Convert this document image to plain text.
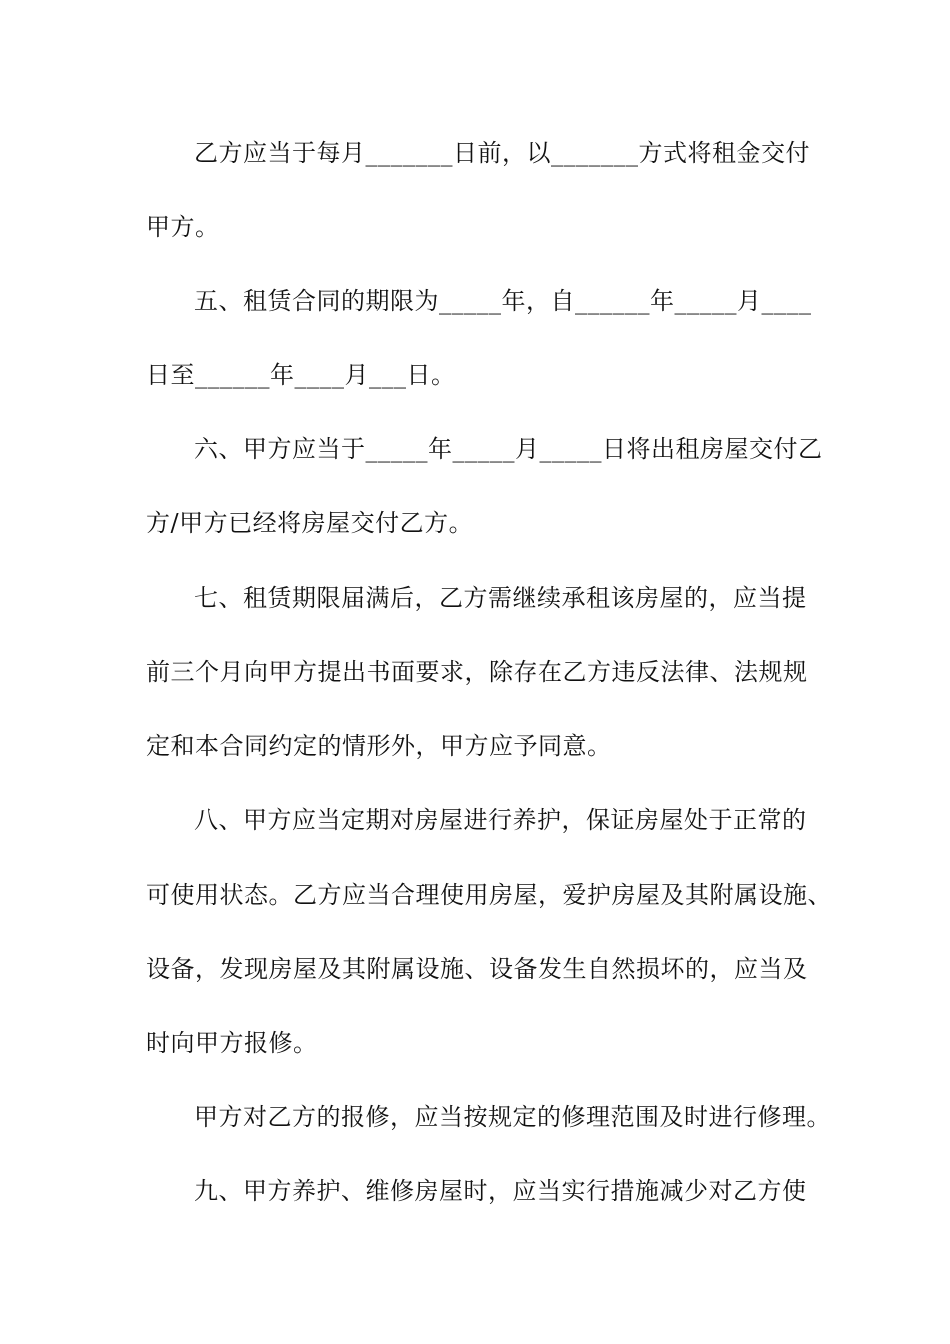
乙方应当于每月_______日前，以_______方式将租金交付
甲方。
五、租赁合同的期限为_____年，自______年_____月____
日至______年____月___日。
六、甲方应当于_____年_____月_____日将出租房屋交付乙
方/甲方已经将房屋交付乙方。
七、租赁期限届满后，乙方需继续承租该房屋的，应当提
前三个月向甲方提出书面要求，除存在乙方违反法律、法规规
定和本合同约定的情形外，甲方应予同意。
八、甲方应当定期对房屋进行养护，保证房屋处于正常的
可使用状态。乙方应当合理使用房屋，爱护房屋及其附属设施、
设备，发现房屋及其附属设施、设备发生自然损坏的，应当及
时向甲方报修。
甲方对乙方的报修，应当按规定的修理范围及时进行修理。
九、甲方养护、维修房屋时，应当实行措施减少对乙方使
